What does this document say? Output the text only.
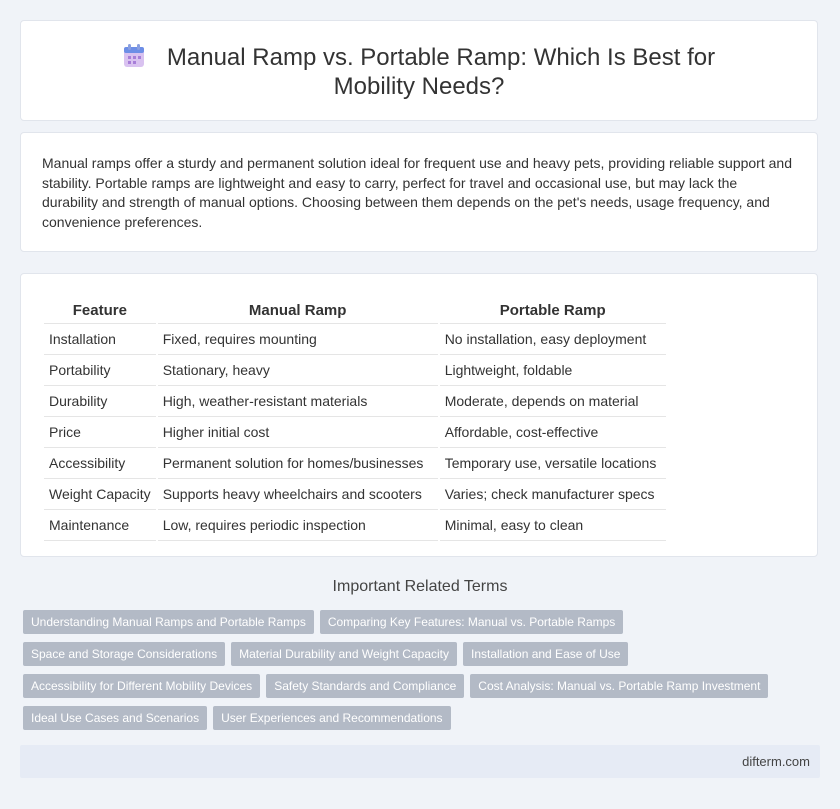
Manual Ramp vs. Portable Ramp: Which Is Best for Mobility Needs?

Manual ramps offer a sturdy and permanent solution ideal for frequent use and heavy pets, providing reliable support and stability. Portable ramps are lightweight and easy to carry, perfect for travel and occasional use, but may lack the durability and strength of manual options. Choosing between them depends on the pet's needs, usage frequency, and convenience preferences.

Feature	Manual Ramp	Portable Ramp
Installation	Fixed, requires mounting	No installation, easy deployment
Portability	Stationary, heavy	Lightweight, foldable
Durability	High, weather-resistant materials	Moderate, depends on material
Price	Higher initial cost	Affordable, cost-effective
Accessibility	Permanent solution for homes/businesses	Temporary use, versatile locations
Weight Capacity	Supports heavy wheelchairs and scooters	Varies; check manufacturer specs
Maintenance	Low, requires periodic inspection	Minimal, easy to clean
Important Related Terms
Understanding Manual Ramps and Portable Ramps Comparing Key Features: Manual vs. Portable Ramps
Space and Storage Considerations Material Durability and Weight Capacity Installation and Ease of Use
Accessibility for Different Mobility Devices Safety Standards and Compliance Cost Analysis: Manual vs. Portable Ramp Investment
Ideal Use Cases and Scenarios User Experiences and Recommendations
difterm.com
